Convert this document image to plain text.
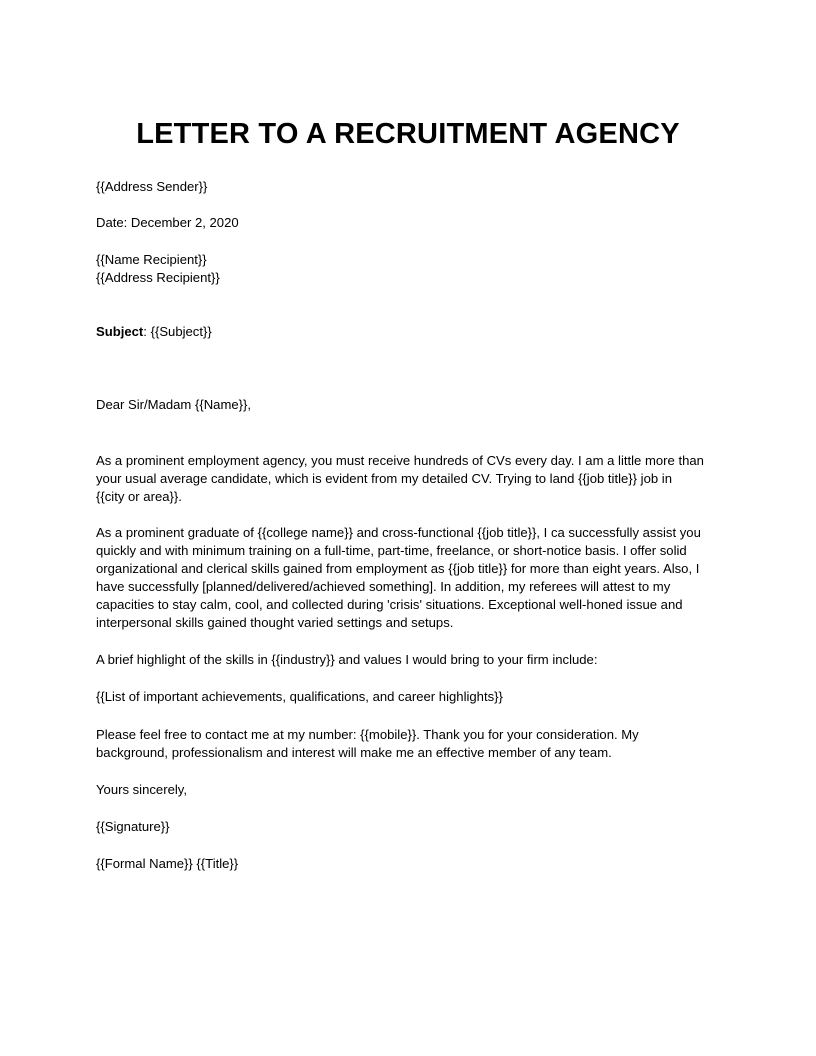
LETTER TO A RECRUITMENT AGENCY
{{Address Sender}}
Date: December 2, 2020
{{Name Recipient}}
{{Address Recipient}}
Subject: {{Subject}}
Dear Sir/Madam {{Name}},
As a prominent employment agency, you must receive hundreds of CVs every day. I am a little more than
your usual average candidate, which is evident from my detailed CV. Trying to land {{job title}} job in
{{city or area}}.
As a prominent graduate of {{college name}} and cross-functional {{job title}}, I ca successfully assist you
quickly and with minimum training on a full-time, part-time, freelance, or short-notice basis. I offer solid
organizational and clerical skills gained from employment as {{job title}} for more than eight years. Also, I
have successfully [planned/delivered/achieved something]. In addition, my referees will attest to my
capacities to stay calm, cool, and collected during 'crisis' situations. Exceptional well-honed issue and
interpersonal skills gained thought varied settings and setups.
A brief highlight of the skills in {{industry}} and values I would bring to your firm include:
{{List of important achievements, qualifications, and career highlights}}
Please feel free to contact me at my number: {{mobile}}. Thank you for your consideration. My
background, professionalism and interest will make me an effective member of any team.
Yours sincerely,
{{Signature}}
{{Formal Name}} {{Title}}
